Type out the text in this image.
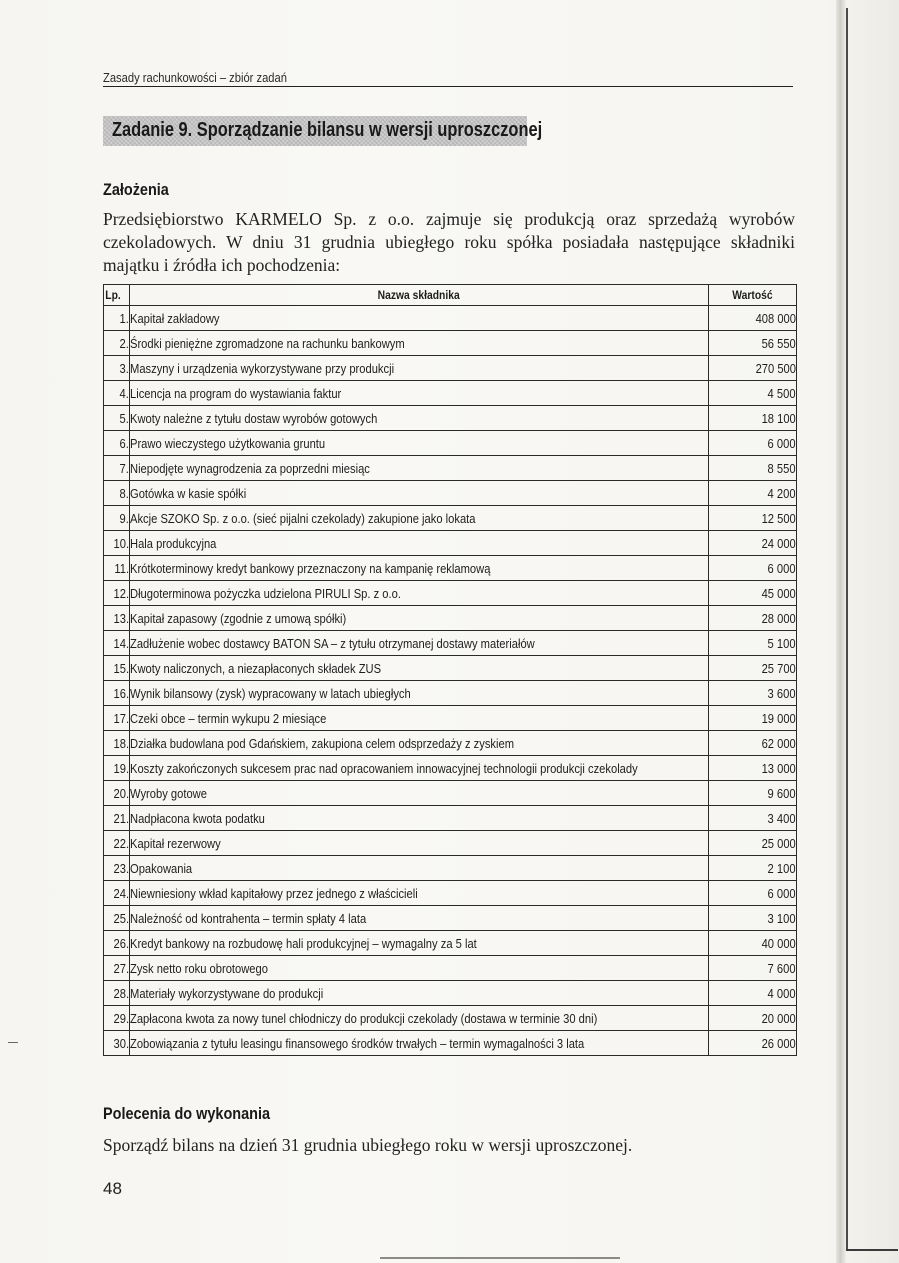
Zasady rachunkowości – zbiór zadań
Zadanie 9. Sporządzanie bilansu w wersji uproszczonej
Założenia
Przedsiębiorstwo KARMELO Sp. z o.o. zajmuje się produkcją oraz sprzedażą wyrobów czekoladowych. W dniu 31 grudnia ubiegłego roku spółka posiadała następujące składniki majątku i źródła ich pochodzenia:
Lp.	Nazwa składnika	Wartość
1.	Kapitał zakładowy	408 000
2.	Środki pieniężne zgromadzone na rachunku bankowym	56 550
3.	Maszyny i urządzenia wykorzystywane przy produkcji	270 500
4.	Licencja na program do wystawiania faktur	4 500
5.	Kwoty należne z tytułu dostaw wyrobów gotowych	18 100
6.	Prawo wieczystego użytkowania gruntu	6 000
7.	Niepodjęte wynagrodzenia za poprzedni miesiąc	8 550
8.	Gotówka w kasie spółki	4 200
9.	Akcje SZOKO Sp. z o.o. (sieć pijalni czekolady) zakupione jako lokata	12 500
10.	Hala produkcyjna	24 000
11.	Krótkoterminowy kredyt bankowy przeznaczony na kampanię reklamową	6 000
12.	Długoterminowa pożyczka udzielona PIRULI Sp. z o.o.	45 000
13.	Kapitał zapasowy (zgodnie z umową spółki)	28 000
14.	Zadłużenie wobec dostawcy BATON SA – z tytułu otrzymanej dostawy materiałów	5 100
15.	Kwoty naliczonych, a niezapłaconych składek ZUS	25 700
16.	Wynik bilansowy (zysk) wypracowany w latach ubiegłych	3 600
17.	Czeki obce – termin wykupu 2 miesiące	19 000
18.	Działka budowlana pod Gdańskiem, zakupiona celem odsprzedaży z zyskiem	62 000
19.	Koszty zakończonych sukcesem prac nad opracowaniem innowacyjnej technologii produkcji czekolady	13 000
20.	Wyroby gotowe	9 600
21.	Nadpłacona kwota podatku	3 400
22.	Kapitał rezerwowy	25 000
23.	Opakowania	2 100
24.	Niewniesiony wkład kapitałowy przez jednego z właścicieli	6 000
25.	Należność od kontrahenta – termin spłaty 4 lata	3 100
26.	Kredyt bankowy na rozbudowę hali produkcyjnej – wymagalny za 5 lat	40 000
27.	Zysk netto roku obrotowego	7 600
28.	Materiały wykorzystywane do produkcji	4 000
29.	Zapłacona kwota za nowy tunel chłodniczy do produkcji czekolady (dostawa w terminie 30 dni)	20 000
30.	Zobowiązania z tytułu leasingu finansowego środków trwałych – termin wymagalności 3 lata	26 000
Polecenia do wykonania
Sporządź bilans na dzień 31 grudnia ubiegłego roku w wersji uproszczonej.
48
